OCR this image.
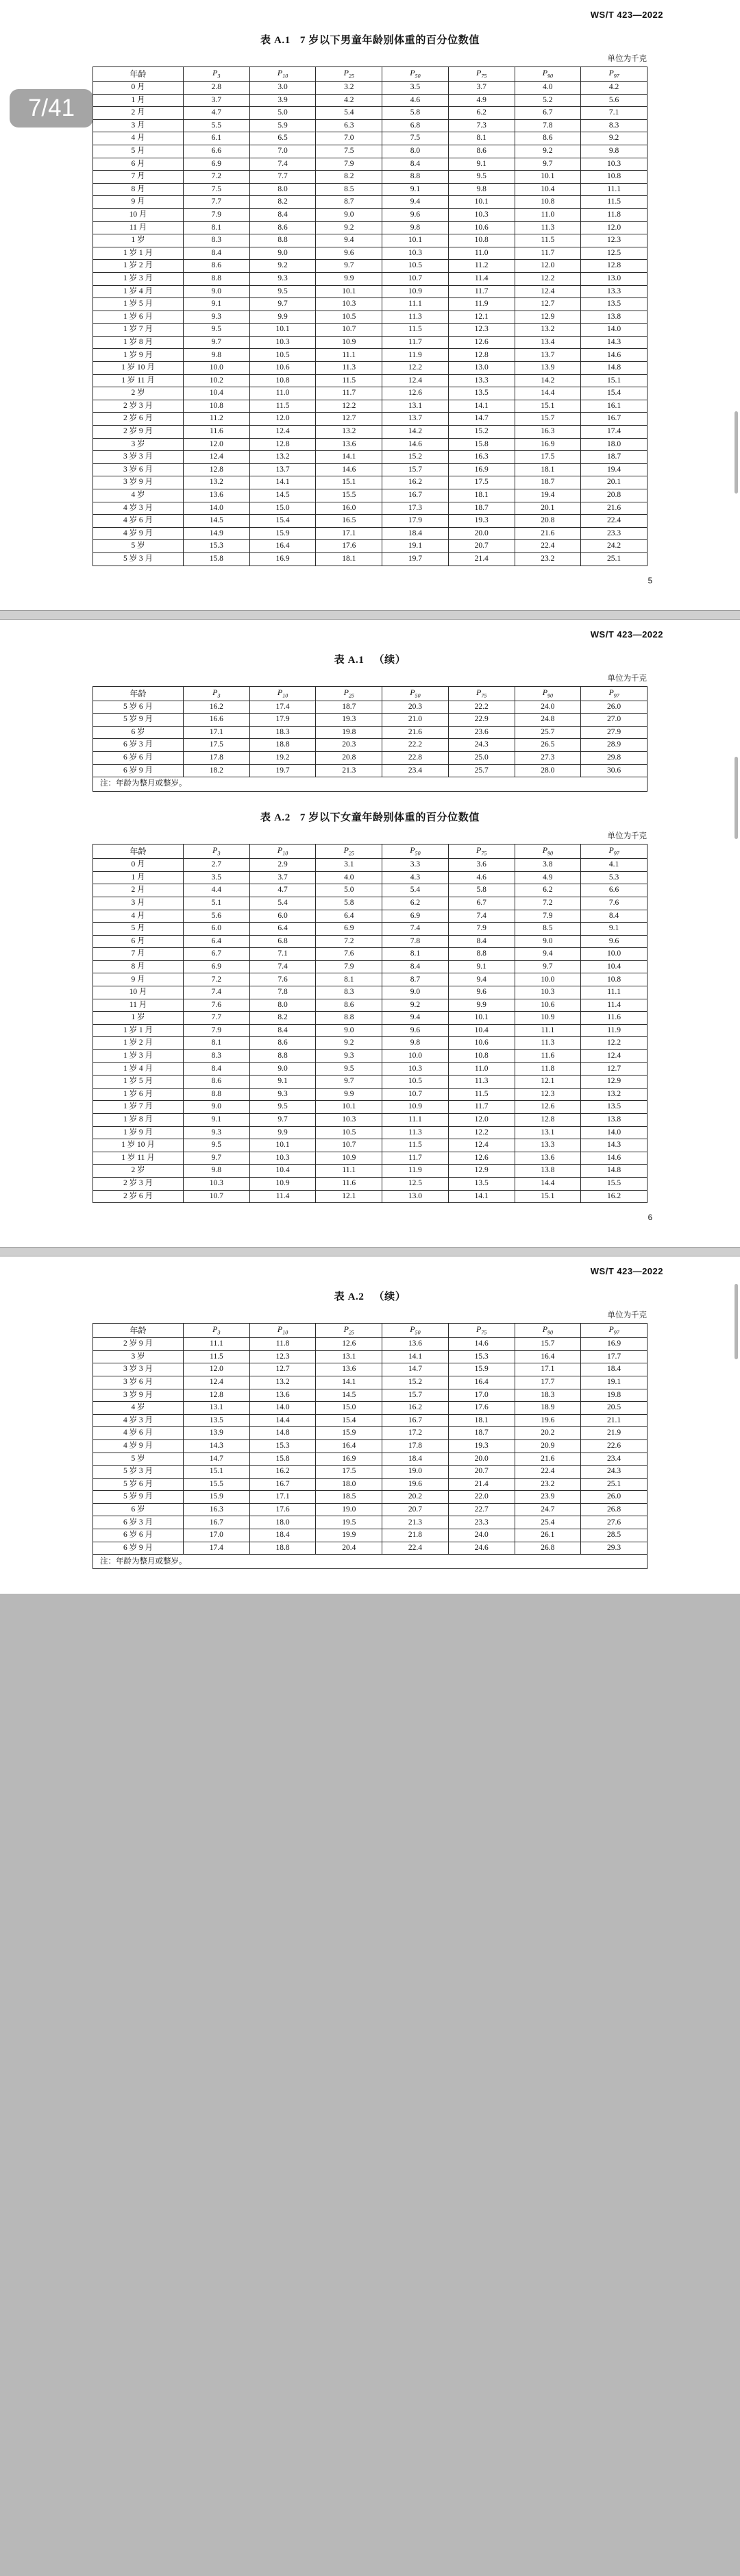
WS/T 423—2022
表 A.1 7 岁以下男童年龄别体重的百分位数值
单位为千克
年龄	$P_3$	$P_{10}$	$P_{25}$	$P_{50}$	$P_{75}$	$P_{90}$	$P_{97}$
0 月	2.8	3.0	3.2	3.5	3.7	4.0	4.2
1 月	3.7	3.9	4.2	4.6	4.9	5.2	5.6
2 月	4.7	5.0	5.4	5.8	6.2	6.7	7.1
3 月	5.5	5.9	6.3	6.8	7.3	7.8	8.3
4 月	6.1	6.5	7.0	7.5	8.1	8.6	9.2
5 月	6.6	7.0	7.5	8.0	8.6	9.2	9.8
6 月	6.9	7.4	7.9	8.4	9.1	9.7	10.3
7 月	7.2	7.7	8.2	8.8	9.5	10.1	10.8
8 月	7.5	8.0	8.5	9.1	9.8	10.4	11.1
9 月	7.7	8.2	8.7	9.4	10.1	10.8	11.5
10 月	7.9	8.4	9.0	9.6	10.3	11.0	11.8
11 月	8.1	8.6	9.2	9.8	10.6	11.3	12.0
1 岁	8.3	8.8	9.4	10.1	10.8	11.5	12.3
1 岁 1 月	8.4	9.0	9.6	10.3	11.0	11.7	12.5
1 岁 2 月	8.6	9.2	9.7	10.5	11.2	12.0	12.8
1 岁 3 月	8.8	9.3	9.9	10.7	11.4	12.2	13.0
1 岁 4 月	9.0	9.5	10.1	10.9	11.7	12.4	13.3
1 岁 5 月	9.1	9.7	10.3	11.1	11.9	12.7	13.5
1 岁 6 月	9.3	9.9	10.5	11.3	12.1	12.9	13.8
1 岁 7 月	9.5	10.1	10.7	11.5	12.3	13.2	14.0
1 岁 8 月	9.7	10.3	10.9	11.7	12.6	13.4	14.3
1 岁 9 月	9.8	10.5	11.1	11.9	12.8	13.7	14.6
1 岁 10 月	10.0	10.6	11.3	12.2	13.0	13.9	14.8
1 岁 11 月	10.2	10.8	11.5	12.4	13.3	14.2	15.1
2 岁	10.4	11.0	11.7	12.6	13.5	14.4	15.4
2 岁 3 月	10.8	11.5	12.2	13.1	14.1	15.1	16.1
2 岁 6 月	11.2	12.0	12.7	13.7	14.7	15.7	16.7
2 岁 9 月	11.6	12.4	13.2	14.2	15.2	16.3	17.4
3 岁	12.0	12.8	13.6	14.6	15.8	16.9	18.0
3 岁 3 月	12.4	13.2	14.1	15.2	16.3	17.5	18.7
3 岁 6 月	12.8	13.7	14.6	15.7	16.9	18.1	19.4
3 岁 9 月	13.2	14.1	15.1	16.2	17.5	18.7	20.1
4 岁	13.6	14.5	15.5	16.7	18.1	19.4	20.8
4 岁 3 月	14.0	15.0	16.0	17.3	18.7	20.1	21.6
4 岁 6 月	14.5	15.4	16.5	17.9	19.3	20.8	22.4
4 岁 9 月	14.9	15.9	17.1	18.4	20.0	21.6	23.3
5 岁	15.3	16.4	17.6	19.1	20.7	22.4	24.2
5 岁 3 月	15.8	16.9	18.1	19.7	21.4	23.2	25.1
5
7/41
WS/T 423—2022
表 A.1 （续）
单位为千克
年龄	$P_3$	$P_{10}$	$P_{25}$	$P_{50}$	$P_{75}$	$P_{90}$	$P_{97}$
5 岁 6 月	16.2	17.4	18.7	20.3	22.2	24.0	26.0
5 岁 9 月	16.6	17.9	19.3	21.0	22.9	24.8	27.0
6 岁	17.1	18.3	19.8	21.6	23.6	25.7	27.9
6 岁 3 月	17.5	18.8	20.3	22.2	24.3	26.5	28.9
6 岁 6 月	17.8	19.2	20.8	22.8	25.0	27.3	29.8
6 岁 9 月	18.2	19.7	21.3	23.4	25.7	28.0	30.6
注：年龄为整月或整岁。							
表 A.2 7 岁以下女童年龄别体重的百分位数值
单位为千克
年龄	$P_3$	$P_{10}$	$P_{25}$	$P_{50}$	$P_{75}$	$P_{90}$	$P_{97}$
0 月	2.7	2.9	3.1	3.3	3.6	3.8	4.1
1 月	3.5	3.7	4.0	4.3	4.6	4.9	5.3
2 月	4.4	4.7	5.0	5.4	5.8	6.2	6.6
3 月	5.1	5.4	5.8	6.2	6.7	7.2	7.6
4 月	5.6	6.0	6.4	6.9	7.4	7.9	8.4
5 月	6.0	6.4	6.9	7.4	7.9	8.5	9.1
6 月	6.4	6.8	7.2	7.8	8.4	9.0	9.6
7 月	6.7	7.1	7.6	8.1	8.8	9.4	10.0
8 月	6.9	7.4	7.9	8.4	9.1	9.7	10.4
9 月	7.2	7.6	8.1	8.7	9.4	10.0	10.8
10 月	7.4	7.8	8.3	9.0	9.6	10.3	11.1
11 月	7.6	8.0	8.6	9.2	9.9	10.6	11.4
1 岁	7.7	8.2	8.8	9.4	10.1	10.9	11.6
1 岁 1 月	7.9	8.4	9.0	9.6	10.4	11.1	11.9
1 岁 2 月	8.1	8.6	9.2	9.8	10.6	11.3	12.2
1 岁 3 月	8.3	8.8	9.3	10.0	10.8	11.6	12.4
1 岁 4 月	8.4	9.0	9.5	10.3	11.0	11.8	12.7
1 岁 5 月	8.6	9.1	9.7	10.5	11.3	12.1	12.9
1 岁 6 月	8.8	9.3	9.9	10.7	11.5	12.3	13.2
1 岁 7 月	9.0	9.5	10.1	10.9	11.7	12.6	13.5
1 岁 8 月	9.1	9.7	10.3	11.1	12.0	12.8	13.8
1 岁 9 月	9.3	9.9	10.5	11.3	12.2	13.1	14.0
1 岁 10 月	9.5	10.1	10.7	11.5	12.4	13.3	14.3
1 岁 11 月	9.7	10.3	10.9	11.7	12.6	13.6	14.6
2 岁	9.8	10.4	11.1	11.9	12.9	13.8	14.8
2 岁 3 月	10.3	10.9	11.6	12.5	13.5	14.4	15.5
2 岁 6 月	10.7	11.4	12.1	13.0	14.1	15.1	16.2
6
WS/T 423—2022
表 A.2 （续）
单位为千克
年龄	$P_3$	$P_{10}$	$P_{25}$	$P_{50}$	$P_{75}$	$P_{90}$	$P_{97}$
2 岁 9 月	11.1	11.8	12.6	13.6	14.6	15.7	16.9
3 岁	11.5	12.3	13.1	14.1	15.3	16.4	17.7
3 岁 3 月	12.0	12.7	13.6	14.7	15.9	17.1	18.4
3 岁 6 月	12.4	13.2	14.1	15.2	16.4	17.7	19.1
3 岁 9 月	12.8	13.6	14.5	15.7	17.0	18.3	19.8
4 岁	13.1	14.0	15.0	16.2	17.6	18.9	20.5
4 岁 3 月	13.5	14.4	15.4	16.7	18.1	19.6	21.1
4 岁 6 月	13.9	14.8	15.9	17.2	18.7	20.2	21.9
4 岁 9 月	14.3	15.3	16.4	17.8	19.3	20.9	22.6
5 岁	14.7	15.8	16.9	18.4	20.0	21.6	23.4
5 岁 3 月	15.1	16.2	17.5	19.0	20.7	22.4	24.3
5 岁 6 月	15.5	16.7	18.0	19.6	21.4	23.2	25.1
5 岁 9 月	15.9	17.1	18.5	20.2	22.0	23.9	26.0
6 岁	16.3	17.6	19.0	20.7	22.7	24.7	26.8
6 岁 3 月	16.7	18.0	19.5	21.3	23.3	25.4	27.6
6 岁 6 月	17.0	18.4	19.9	21.8	24.0	26.1	28.5
6 岁 9 月	17.4	18.8	20.4	22.4	24.6	26.8	29.3
注：年龄为整月或整岁。							
